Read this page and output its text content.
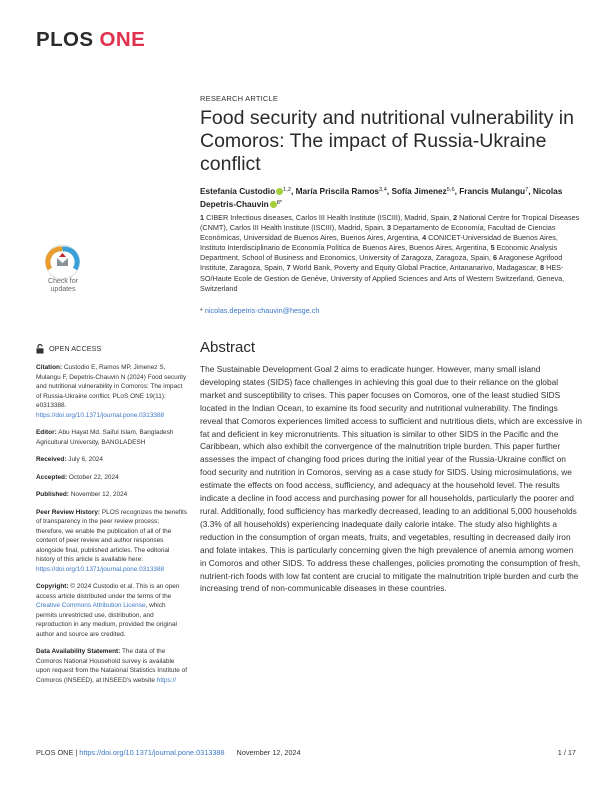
PLOS ONE
Check for
updates
RESEARCH ARTICLE
Food security and nutritional vulnerability in Comoros: The impact of Russia-Ukraine conflict
Estefanía Custodio $^{1,2}$, María Priscila Ramos$^{3,4}$, Sofía Jimenez$^{5,6}$, Francis Mulangu$^7$, Nicolas Depetris-Chauvin $^{8*}$
1 CIBER Infectious diseases, Carlos III Health Institute (ISCIII), Madrid, Spain, 2 National Centre for Tropical Diseases (CNMT), Carlos III Health Institute (ISCIII), Madrid, Spain, 3 Departamento de Economía, Facultad de Ciencias Económicas, Universidad de Buenos Aires, Buenos Aires, Argentina, 4 CONICET-Universidad de Buenos Aires, Instituto Interdisciplinario de Economía Política de Buenos Aires, Buenos Aires, Argentina, 5 Economic Analysis Department, School of Business and Economics, University of Zaragoza, Zaragoza, Spain, 6 Aragonese Agrifood Institute, Zaragoza, Spain, 7 World Bank, Poverty and Equity Global Practice, Antananarivo, Madagascar, 8 HES-SO/Haute Ecole de Gestion de Genève, University of Applied Sciences and Arts of Western Switzerland, Geneva, Switzerland
* nicolas.depetris-chauvin@hesge.ch
Abstract
The Sustainable Development Goal 2 aims to eradicate hunger. However, many small island developing states (SIDS) face challenges in achieving this goal due to their reliance on the global market and susceptibility to crises. This paper focuses on Comoros, one of the least studied SIDS located in the Indian Ocean, to examine its food security and nutritional vulnerability. The findings reveal that Comoros experiences limited access to sufficient and nutritious diets, which are excessive in fat and deficient in key micronutrients. This situation is similar to other SIDS in the Pacific and the Caribbean, which also exhibit the convergence of the malnutrition triple burden. This paper further assesses the impact of changing food prices during the initial year of the Russia-Ukraine conflict on food security and nutrition in Comoros, serving as a case study for SIDS. Using microsimulations, we estimate the effects on food access, sufficiency, and adequacy at the household level. The results indicate a decline in food access and purchasing power for all households, particularly the poorer and rural. Additionally, food sufficiency has markedly decreased, leading to an additional 5,000 households (3.3% of all households) experiencing inadequate daily calorie intake. The study also highlights a reduction in the consumption of organ meats, fruits, and vegetables, resulting in decreased daily iron and folate intakes. This is particularly concerning given the high prevalence of anemia among women in Comoros and other SIDS. To address these challenges, policies promoting the consumption of fresh, nutrient-rich foods with low fat content are crucial to mitigate the malnutrition triple burden and curb the increasing trend of non-communicable diseases in these countries.
OPEN ACCESS
Citation: Custodio E, Ramos MP, Jimenez S, Mulangu F, Depetris-Chauvin N (2024) Food security and nutritional vulnerability in Comoros: The impact of Russia-Ukraine conflict. PLoS ONE 19(11): e0313388. https://doi.org/10.1371/journal.pone.0313388
Editor: Abu Hayat Md. Saiful Islam, Bangladesh Agricultural University, BANGLADESH
Received: July 6, 2024
Accepted: October 22, 2024
Published: November 12, 2024
Peer Review History: PLOS recognizes the benefits of transparency in the peer review process; therefore, we enable the publication of all of the content of peer review and author responses alongside final, published articles. The editorial history of this article is available here: https://doi.org/10.1371/journal.pone.0313388
Copyright: © 2024 Custodio et al. This is an open access article distributed under the terms of the Creative Commons Attribution License, which permits unrestricted use, distribution, and reproduction in any medium, provided the original author and source are credited.
Data Availability Statement: The data of the Comoros National Household survey is available upon request from the Nataional Statistics Institute of Comoros (INSEED), at INSEED's website https://
PLOS ONE | https://doi.org/10.1371/journal.pone.0313388 November 12, 2024	1 / 17
